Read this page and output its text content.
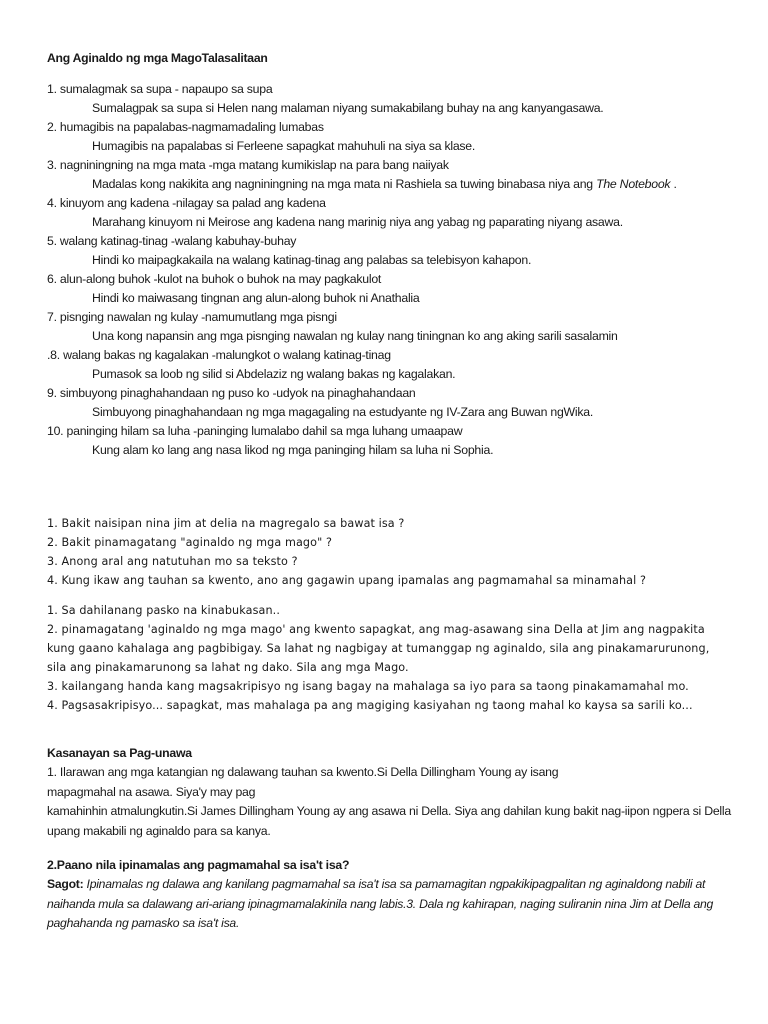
Ang Aginaldo ng mga MagoTalasalitaan
1. sumalagmak sa supa - napaupo sa supa
Sumalagpak sa supa si Helen nang malaman niyang sumakabilang buhay na ang kanyangasawa.
2. humagibis na papalabas-nagmamadaling lumabas
Humagibis na papalabas si Ferleene sapagkat mahuhuli na siya sa klase.
3. nagniningning na mga mata -mga matang kumikislap na para bang naiiyak
Madalas kong nakikita ang nagniningning na mga mata ni Rashiela sa tuwing binabasa niya ang The Notebook .
4. kinuyom ang kadena -nilagay sa palad ang kadena
Marahang kinuyom ni Meirose ang kadena nang marinig niya ang yabag ng paparating niyang asawa.
5. walang katinag-tinag -walang kabuhay-buhay
Hindi ko maipagkakaila na walang katinag-tinag ang palabas sa telebisyon kahapon.
6. alun-along buhok -kulot na buhok o buhok na may pagkakulot
Hindi ko maiwasang tingnan ang alun-along buhok ni Anathalia
7. pisnging nawalan ng kulay -namumutlang mga pisngi
Una kong napansin ang mga pisnging nawalan ng kulay nang tiningnan ko ang aking sarili sasalamin
.8. walang bakas ng kagalakan -malungkot o walang katinag-tinag
Pumasok sa loob ng silid si Abdelaziz ng walang bakas ng kagalakan.
9. simbuyong pinaghahandaan ng puso ko -udyok na pinaghahandaan
Simbuyong pinaghahandaan ng mga magagaling na estudyante ng IV-Zara ang Buwan ngWika.
10. paninging hilam sa luha -paninging lumalabo dahil sa mga luhang umaapaw
Kung alam ko lang ang nasa likod ng mga paninging hilam sa luha ni Sophia.
1. Bakit naisipan nina jim at delia na magregalo sa bawat isa ?
2. Bakit pinamagatang "aginaldo ng mga mago" ?
3. Anong aral ang natutuhan mo sa teksto ?
4. Kung ikaw ang tauhan sa kwento, ano ang gagawin upang ipamalas ang pagmamahal sa minamahal ?
1. Sa dahilanang pasko na kinabukasan..
2. pinamagatang 'aginaldo ng mga mago' ang kwento sapagkat, ang mag-asawang sina Della at Jim ang nagpakita kung gaano kahalaga ang pagbibigay. Sa lahat ng nagbigay at tumanggap ng aginaldo, sila ang pinakamarurunong, sila ang pinakamarunong sa lahat ng dako. Sila ang mga Mago.
3. kailangang handa kang magsakripisyo ng isang bagay na mahalaga sa iyo para sa taong pinakamamahal mo.
4. Pagsasakripisyo... sapagkat, mas mahalaga pa ang magiging kasiyahan ng taong mahal ko kaysa sa sarili ko...
Kasanayan sa Pag-unawa
1. Ilarawan ang mga katangian ng dalawang tauhan sa kwento.Si Della Dillingham Young ay isang
mapagmahal na asawa. Siya'y may pag
kamahinhin atmalungkutin.Si James Dillingham Young ay ang asawa ni Della. Siya ang dahilan kung bakit nag-iipon ngpera si Della
upang makabili ng aginaldo para sa kanya.
2.Paano nila ipinamalas ang pagmamahal sa isa't isa?
Sagot: Ipinamalas ng dalawa ang kanilang pagmamahal sa isa't isa sa pamamagitan ngpakikipagpalitan ng aginaldong nabili at naihanda mula sa dalawang ari-ariang ipinagmamalakinila nang labis.3. Dala ng kahirapan, naging suliranin nina Jim at Della ang paghahanda ng pamasko sa isa't isa.
